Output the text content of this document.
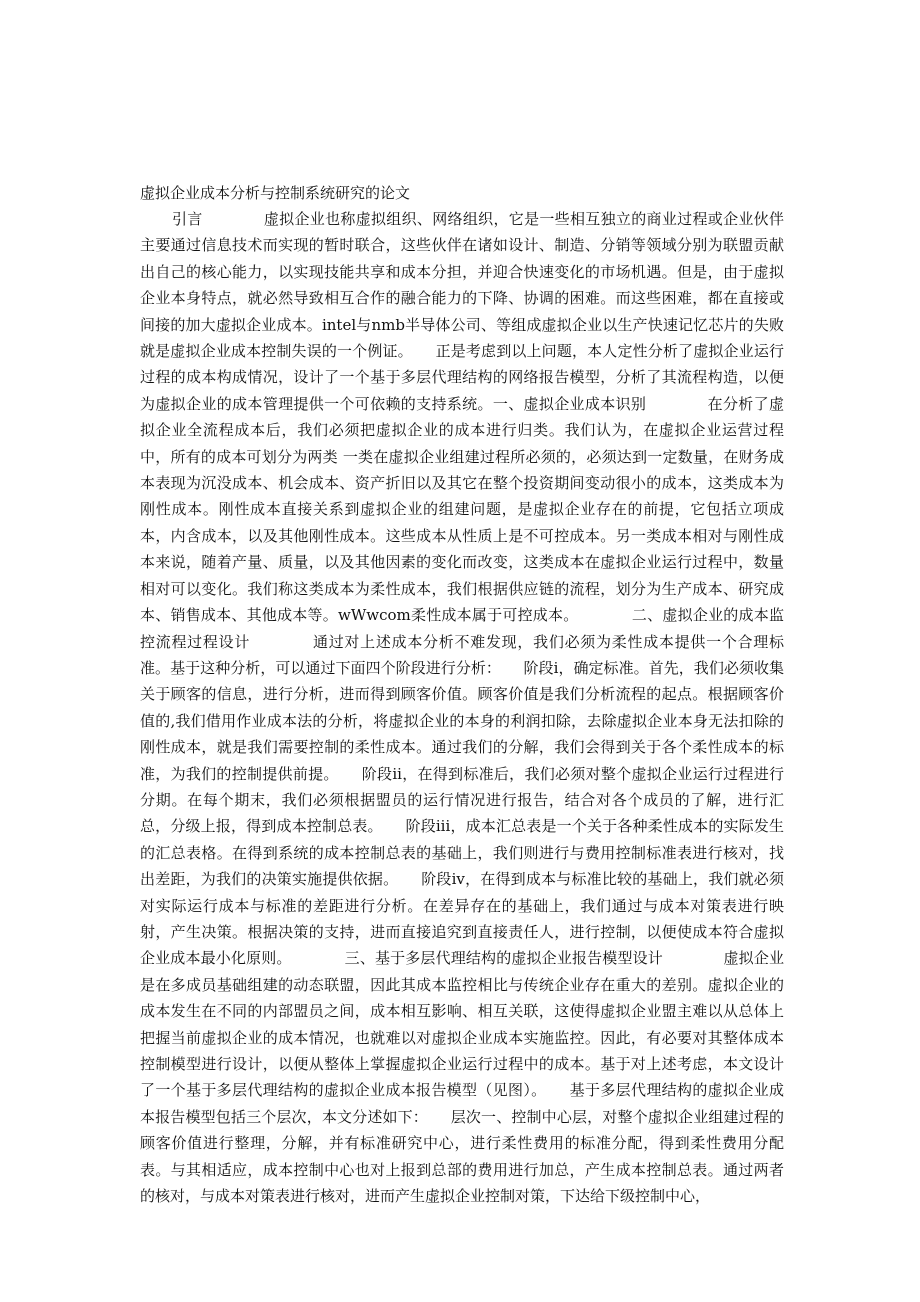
虚拟企业成本分析与控制系统研究的论文

引言　　　　虚拟企业也称虚拟组织、网络组织，它是一些相互独立的商业过程或企业伙伴主要通过信息技术而实现的暂时联合，这些伙伴在诸如设计、制造、分销等领域分别为联盟贡献出自己的核心能力，以实现技能共享和成本分担，并迎合快速变化的市场机遇。但是，由于虚拟企业本身特点，就必然导致相互合作的融合能力的下降、协调的困难。而这些困难，都在直接或间接的加大虚拟企业成本。intel与nmb半导体公司、等组成虚拟企业以生产快速记忆芯片的失败就是虚拟企业成本控制失误的一个例证。　　正是考虑到以上问题，本人定性分析了虚拟企业运行过程的成本构成情况，设计了一个基于多层代理结构的网络报告模型，分析了其流程构造，以便为虚拟企业的成本管理提供一个可依赖的支持系统。一、虚拟企业成本识别　　　　在分析了虚拟企业全流程成本后，我们必须把虚拟企业的成本进行归类。我们认为，在虚拟企业运营过程中，所有的成本可划分为两类 一类在虚拟企业组建过程所必须的，必须达到一定数量，在财务成本表现为沉没成本、机会成本、资产折旧以及其它在整个投资期间变动很小的成本，这类成本为刚性成本。刚性成本直接关系到虚拟企业的组建问题，是虚拟企业存在的前提，它包括立项成本，内含成本，以及其他刚性成本。这些成本从性质上是不可控成本。另一类成本相对与刚性成本来说，随着产量、质量，以及其他因素的变化而改变，这类成本在虚拟企业运行过程中，数量相对可以变化。我们称这类成本为柔性成本，我们根据供应链的流程，划分为生产成本、研究成本、销售成本、其他成本等。wWwcom柔性成本属于可控成本。　　　　二、虚拟企业的成本监控流程过程设计　　　　通过对上述成本分析不难发现，我们必须为柔性成本提供一个合理标准。基于这种分析，可以通过下面四个阶段进行分析：　　阶段i，确定标准。首先，我们必须收集关于顾客的信息，进行分析，进而得到顾客价值。顾客价值是我们分析流程的起点。根据顾客价值的,我们借用作业成本法的分析，将虚拟企业的本身的利润扣除，去除虚拟企业本身无法扣除的刚性成本，就是我们需要控制的柔性成本。通过我们的分解，我们会得到关于各个柔性成本的标准，为我们的控制提供前提。　　阶段ii，在得到标准后，我们必须对整个虚拟企业运行过程进行分期。在每个期末，我们必须根据盟员的运行情况进行报告，结合对各个成员的了解，进行汇总，分级上报，得到成本控制总表。　　阶段iii，成本汇总表是一个关于各种柔性成本的实际发生的汇总表格。在得到系统的成本控制总表的基础上，我们则进行与费用控制标准表进行核对，找出差距，为我们的决策实施提供依据。　　阶段iv，在得到成本与标准比较的基础上，我们就必须对实际运行成本与标准的差距进行分析。在差异存在的基础上，我们通过与成本对策表进行映射，产生决策。根据决策的支持，进而直接追究到直接责任人，进行控制，以便使成本符合虚拟企业成本最小化原则。　　　　三、基于多层代理结构的虚拟企业报告模型设计　　　　虚拟企业是在多成员基础组建的动态联盟，因此其成本监控相比与传统企业存在重大的差别。虚拟企业的成本发生在不同的内部盟员之间，成本相互影响、相互关联，这使得虚拟企业盟主难以从总体上把握当前虚拟企业的成本情况，也就难以对虚拟企业成本实施监控。因此，有必要对其整体成本控制模型进行设计，以便从整体上掌握虚拟企业运行过程中的成本。基于对上述考虑，本文设计了一个基于多层代理结构的虚拟企业成本报告模型（见图）。　　基于多层代理结构的虚拟企业成本报告模型包括三个层次，本文分述如下：　　层次一、控制中心层，对整个虚拟企业组建过程的顾客价值进行整理，分解，并有标准研究中心，进行柔性费用的标准分配，得到柔性费用分配表。与其相适应，成本控制中心也对上报到总部的费用进行加总，产生成本控制总表。通过两者的核对，与成本对策表进行核对，进而产生虚拟企业控制对策，下达给下级控制中心，
